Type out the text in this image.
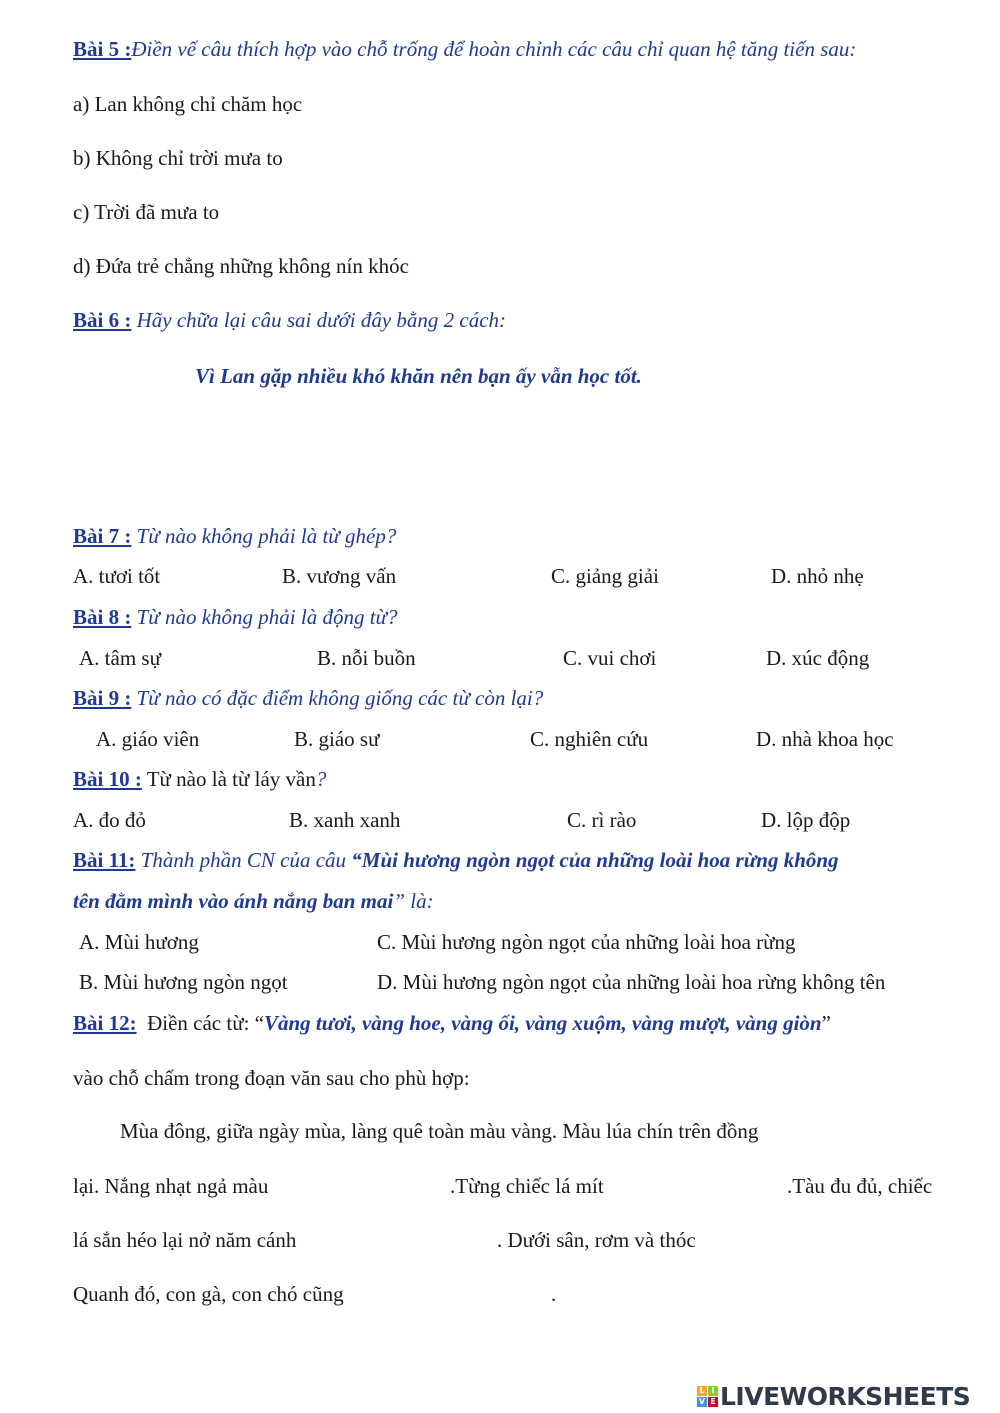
Bài 5 :Điền vế câu thích hợp vào chỗ trống để hoàn chỉnh các câu chỉ quan hệ tăng tiến sau:
a) Lan không chỉ chăm học
b) Không chỉ trời mưa to
c) Trời đã mưa to
d) Đứa trẻ chẳng những không nín khóc
Bài 6 : Hãy chữa lại câu sai dưới đây bằng 2 cách:
Vì Lan gặp nhiều khó khăn nên bạn ấy vẫn học tốt.
Bài 7 : Từ nào không phải là từ ghép?
A. tươi tốt	B. vương vấn	C. giảng giải	D. nhỏ nhẹ
Bài 8 : Từ nào không phải là động từ?
A. tâm sự	B. nỗi buồn	C. vui chơi	D. xúc động
Bài 9 : Từ nào có đặc điểm không giống các từ còn lại?
A. giáo viên	B. giáo sư	C. nghiên cứu	D. nhà khoa học
Bài 10 : Từ nào là từ láy vần?
A. đo đỏ	B. xanh xanh	C. rì rào	D. lộp độp
Bài 11: Thành phần CN của câu “Mùi hương ngòn ngọt của những loài hoa rừng không
tên đằm mình vào ánh nắng ban mai” là:
A. Mùi hương	C. Mùi hương ngòn ngọt của những loài hoa rừng
B. Mùi hương ngòn ngọt	D. Mùi hương ngòn ngọt của những loài hoa rừng không tên
Bài 12: Điền các từ: “Vàng tươi, vàng hoe, vàng ối, vàng xuộm, vàng mượt, vàng giòn”
vào chỗ chấm trong đoạn văn sau cho phù hợp:
Mùa đông, giữa ngày mùa, làng quê toàn màu vàng. Màu lúa chín trên đồng
lại. Nắng nhạt ngả màu	.Từng chiếc lá mít	.Tàu đu đủ, chiếc
lá sắn héo lại nở năm cánh	. Dưới sân, rơm và thóc
Quanh đó, con gà, con chó cũng	.
L I
V E LIVEWORKSHEETS
